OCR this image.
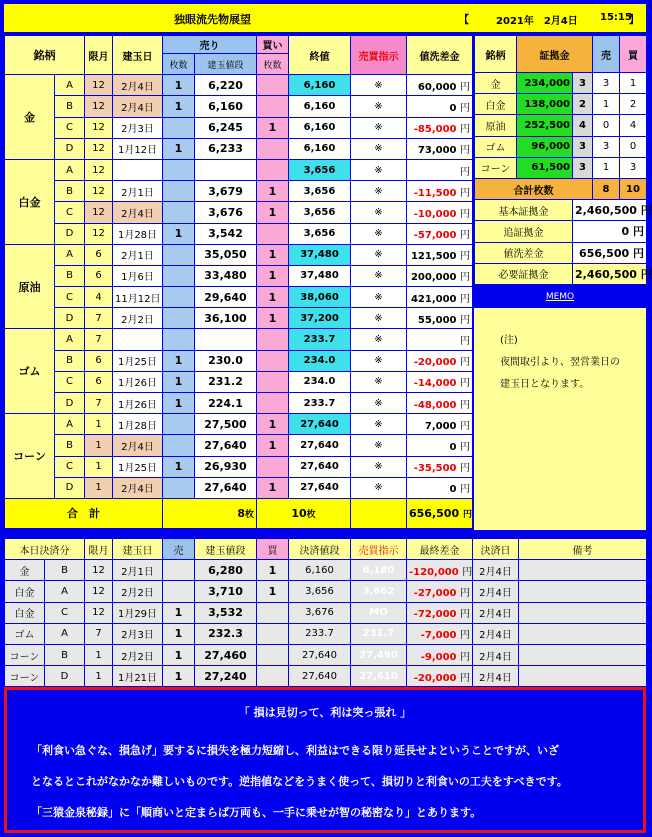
独眼流先物展望	【	2021年　2月4日 15:15
】
銘柄		限月	建玉日	売り		買い	終値	売買指示	値洗差金
				枚数	建玉値段	枚数			
金	A	12	2月4日	1	6,220		6,160	※	60,000 円
	B	12	2月4日	1	6,160		6,160	※	0 円
	C	12	2月3日		6,245	1	6,160	※	-85,000 円
	D	12	1月12日	1	6,233		6,160	※	73,000 円
白金	A	12					3,656	※	円
	B	12	2月1日		3,679	1	3,656	※	-11,500 円
	C	12	2月4日		3,676	1	3,656	※	-10,000 円
	D	12	1月28日	1	3,542		3,656	※	-57,000 円
原油	A	6	2月1日		35,050	1	37,480	※	121,500 円
	B	6	1月6日		33,480	1	37,480	※	200,000 円
	C	4	11月12日		29,640	1	38,060	※	421,000 円
	D	7	2月2日		36,100	1	37,200	※	55,000 円
ゴム	A	7					233.7	※	円
	B	6	1月25日	1	230.0		234.0	※	-20,000 円
	C	6	1月26日	1	231.2		234.0	※	-14,000 円
	D	7	1月26日	1	224.1		233.7	※	-48,000 円
コーン	A	1	1月28日		27,500	1	27,640	※	7,000 円
	B	1	2月4日		27,640	1	27,640	※	0 円
	C	1	1月25日	1	26,930		27,640	※	-35,500 円
	D	1	2月4日		27,640	1	27,640	※	0 円
合　計				8枚		10枚			656,500 円
銘柄	証拠金		売	買
金	234,000	3	3	1
白金	138,000	2	1	2
原油	252,500	4	0	4
ゴム	96,000	3	3	0
コーン	61,500	3	1	3
合計枚数			8	10
基本証拠金		2,460,500 円		
追証拠金		0 円		
値洗差金		656,500 円		
必要証拠金		2,460,500 円		
MEMO
(注)
夜間取引より、翌営業日の
建玉日となります。
本日決済分		限月	建玉日	売	建玉値段	買	決済値段	売買指示	最終差金	決済日	備考
金	B	12	2月1日		6,280	1	6,160	6,180	-120,000 円	2月4日	
白金	A	12	2月2日		3,710	1	3,656	3,662	-27,000 円	2月4日	
白金	C	12	1月29日	1	3,532		3,676	MO	-72,000 円	2月4日	
ゴム	A	7	2月3日	1	232.3		233.7	231.7	-7,000 円	2月4日	
コーン	B	1	2月2日	1	27,460		27,640	27,490	-9,000 円	2月4日	
コーン	D	1	1月21日	1	27,240		27,640	27,610	-20,000 円	2月4日	
「 損は見切って、利は突っ張れ 」
「利食い急ぐな、損急げ」要するに損失を極力短縮し、利益はできる限り延長せよということですが、いざ
となるとこれがなかなか難しいものです。逆指値などをうまく使って、損切りと利食いの工夫をすべきです。
「三猿金泉秘録」に「順商いと定まらば万両も、一手に乗せが智の秘密なり」とあります。
